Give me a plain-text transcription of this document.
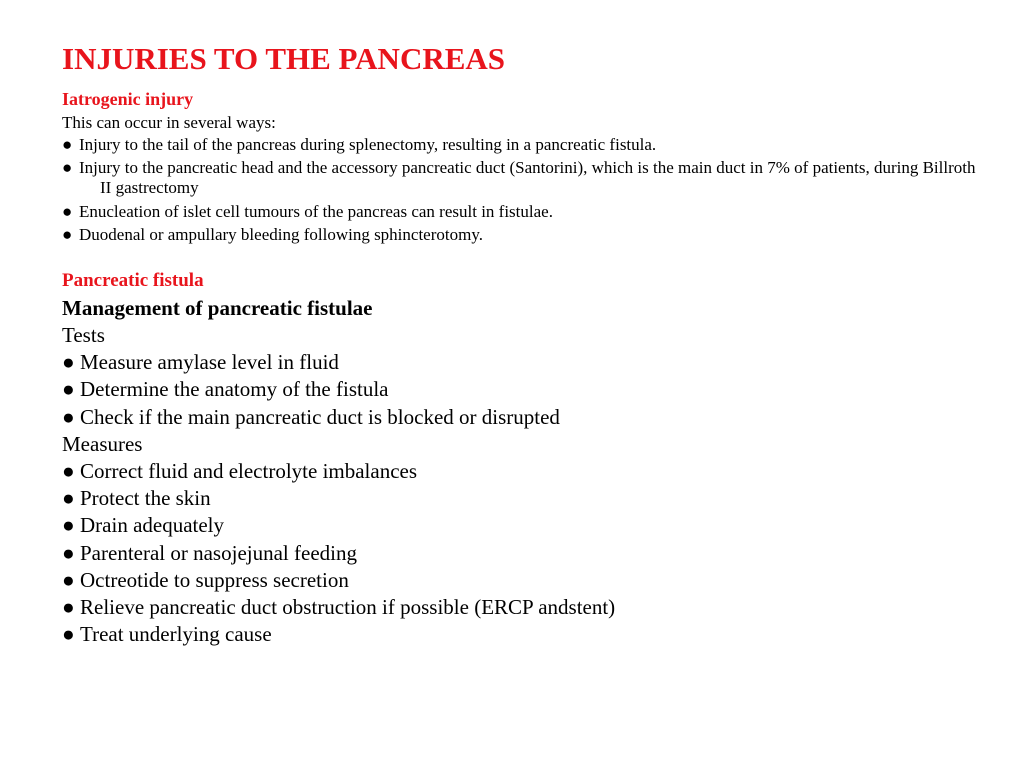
INJURIES TO THE PANCREAS

Iatrogenic injury

This can occur in several ways:

● Injury to the tail of the pancreas during splenectomy, resulting in a pancreatic fistula.

● Injury to the pancreatic head and the accessory pancreatic duct (Santorini), which is the main duct in 7% of patients, during Billroth II gastrectomy

● Enucleation of islet cell tumours of the pancreas can result in fistulae.

● Duodenal or ampullary bleeding following sphincterotomy.

Pancreatic fistula

Management of pancreatic fistulae

Tests

● Measure amylase level in fluid

● Determine the anatomy of the fistula

● Check if the main pancreatic duct is blocked or disrupted

Measures

● Correct fluid and electrolyte imbalances

● Protect the skin

● Drain adequately

● Parenteral or nasojejunal feeding

● Octreotide to suppress secretion

● Relieve pancreatic duct obstruction if possible (ERCP andstent)

● Treat underlying cause
